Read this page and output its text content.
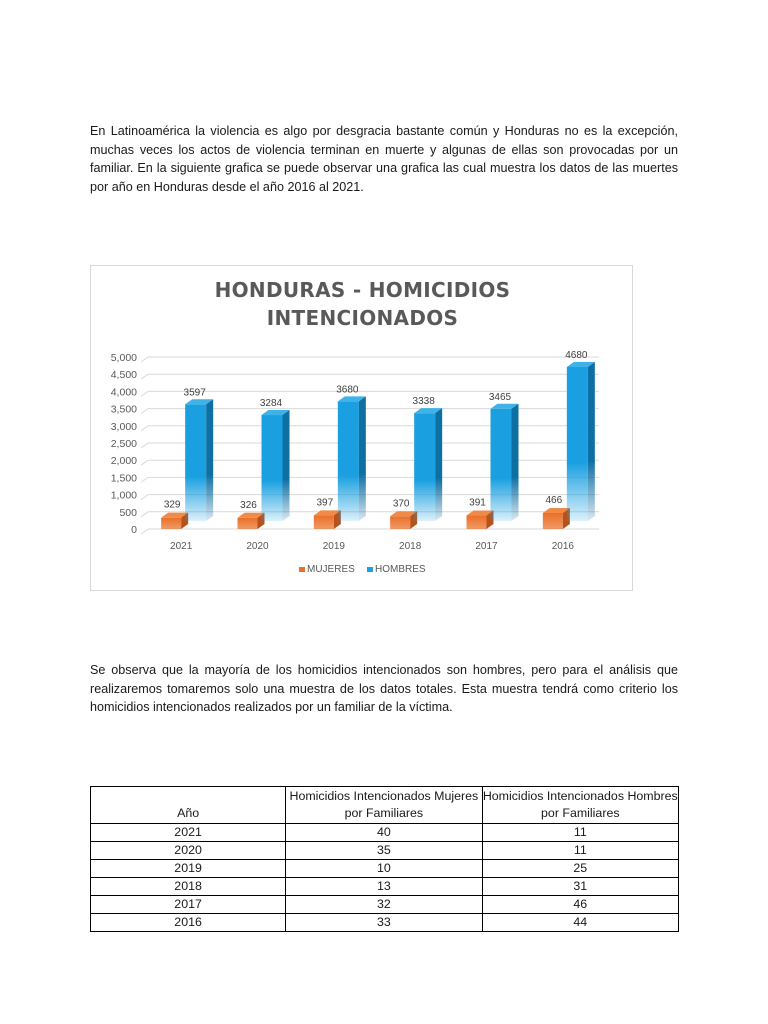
En Latinoamérica la violencia es algo por desgracia bastante común y Honduras no es la excepción, muchas veces los actos de violencia terminan en muerte y algunas de ellas son provocadas por un familiar. En la siguiente grafica se puede observar una grafica las cual muestra los datos de las muertes por año en Honduras desde el año 2016 al 2021.

HONDURAS - HOMICIDIOS
INTENCIONADOS
0
500
1,000
1,500
2,000
2,500
3,000
3,500
4,000
4,500
5,000
329
3597
2021
326
3284
2020
397
3680
2019
370
3338
2018
391
3465
2017
466
4680
2016
MUJERES HOMBRES

Se observa que la mayoría de los homicidios intencionados son hombres, pero para el análisis que realizaremos tomaremos solo una muestra de los datos totales. Esta muestra tendrá como criterio los homicidios intencionados realizados por un familiar de la víctima.

Año	Homicidios Intencionados Mujeres por Familiares	Homicidios Intencionados Hombres por Familiares
2021	40	11
2020	35	11
2019	10	25
2018	13	31
2017	32	46
2016	33	44
